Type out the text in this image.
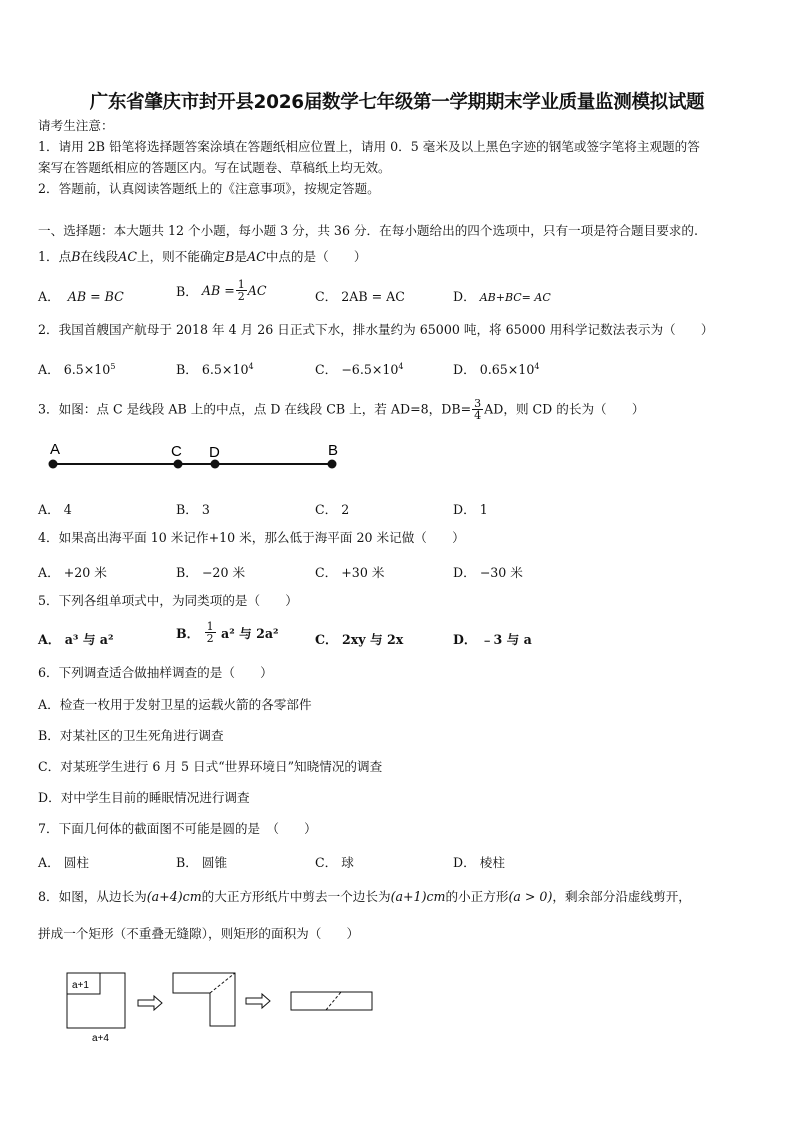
广东省肇庆市封开县2026届数学七年级第一学期期末学业质量监测模拟试题
请考生注意：
1．请用 2B 铅笔将选择题答案涂填在答题纸相应位置上，请用 0．5 毫米及以上黑色字迹的钢笔或签字笔将主观题的答
案写在答题纸相应的答题区内。写在试题卷、草稿纸上均无效。
2．答题前，认真阅读答题纸上的《注意事项》，按规定答题。
一、选择题：本大题共 12 个小题，每小题 3 分，共 36 分．在每小题给出的四个选项中，只有一项是符合题目要求的.
1．点B在线段AC上，则不能确定B是AC中点的是（　　）
A． AB = BC	B． AB = $\frac{1}{2}$ AC	C． 2AB = AC	D． AB+BC= AC
2．我国首艘国产航母于 2018 年 4 月 26 日正式下水，排水量约为 65000 吨，将 65000 用科学记数法表示为（　　）
A． $6.5\times 10^5$	B． $6.5\times 10^4$	C． $-6.5\times 10^4$	D． $0.65\times 10^4$
3．如图：点 C 是线段 AB 上的中点，点 D 在线段 CB 上，若 AD=8，$DB= \frac{3}{4}$ AD，则 CD 的长为（　　）
A	C D	B
A． 4	B． 3	C． 2	D． 1
4．如果高出海平面 10 米记作+10 米，那么低于海平面 20 米记做（　　）
A． +20 米	B． −20 米	C． +30 米	D． −30 米
5．下列各组单项式中，为同类项的是（　　）
A． a³ 与 a²	B． $\frac{1}{2} a^2$ 与 2a²	C． 2xy 与 2x	D． ﹣3 与 a
6．下列调查适合做抽样调查的是（　　）
A．检查一枚用于发射卫星的运载火箭的各零部件
B．对某社区的卫生死角进行调查
C．对某班学生进行 6 月 5 日式“世界环境日”知晓情况的调查
D．对中学生目前的睡眠情况进行调查
7．下面几何体的截面图不可能是圆的是　（　　）
A． 圆柱	B． 圆锥	C． 球	D． 棱柱
8．如图，从边长为(a+4)cm的大正方形纸片中剪去一个边长为(a+1)cm的小正方形(a > 0)，剩余部分沿虚线剪开，
拼成一个矩形（不重叠无缝隙），则矩形的面积为（　　）
a+1
a+4
